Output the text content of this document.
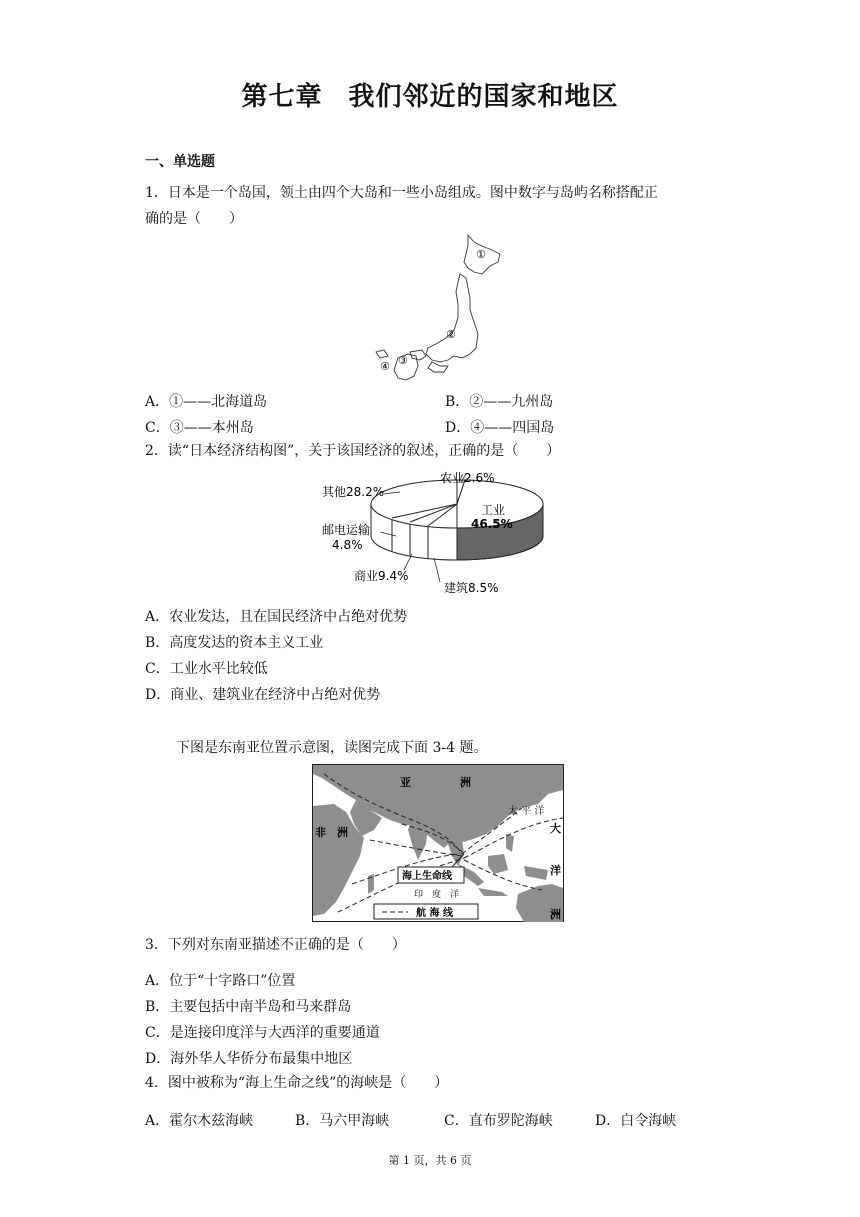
第七章 我们邻近的国家和地区
一、单选题
1．日本是一个岛国，领土由四个大岛和一些小岛组成。图中数字与岛屿名称搭配正
确的是（　　）
①
②
③
④
A．①——北海道岛	B．②——九州岛
C．③——本州岛	D．④——四国岛
2．读“日本经济结构图”，关于该国经济的叙述，正确的是（　　）
农业2.6%
其他28.2%
工业
46.5%
邮电运输
4.8%
商业9.4%
建筑8.5%
A．农业发达，且在国民经济中占绝对优势
B．高度发达的资本主义工业
C．工业水平比较低
D．商业、建筑业在经济中占绝对优势
下图是东南亚位置示意图，读图完成下面 3-4 题。
亚	洲
非　洲
太 平 洋
大
洋
洲
海上生命线
印　度　洋
航 海 线
3．下列对东南亚描述不正确的是（　　）
A．位于“十字路口”位置
B．主要包括中南半岛和马来群岛
C．是连接印度洋与大西洋的重要通道
D．海外华人华侨分布最集中地区
4．图中被称为“海上生命之线”的海峡是（　　）
A．霍尔木兹海峡	B．马六甲海峡	C．直布罗陀海峡	D．白令海峡
第 1 页，共 6 页
